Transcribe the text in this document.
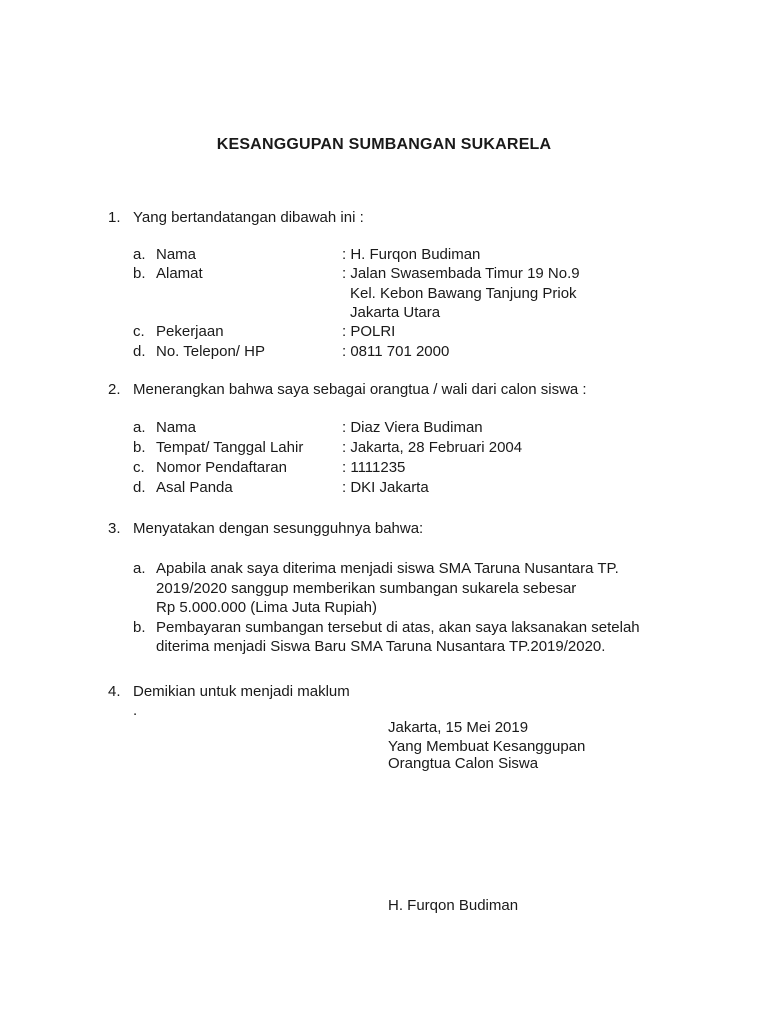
KESANGGUPAN SUMBANGAN SUKARELA
1. Yang bertandatangan dibawah ini :
a. Nama	: H. Furqon Budiman
b. Alamat	: Jalan Swasembada Timur 19 No.9
Kel. Kebon Bawang Tanjung Priok
Jakarta Utara
c. Pekerjaan	: POLRI
d. No. Telepon/ HP	: 0811 701 2000
2. Menerangkan bahwa saya sebagai orangtua / wali dari calon siswa :
a. Nama	: Diaz Viera Budiman
b. Tempat/ Tanggal Lahir	: Jakarta, 28 Februari 2004
c. Nomor Pendaftaran	: 1111235
d. Asal Panda	: DKI Jakarta
3. Menyatakan dengan sesungguhnya bahwa:
a. Apabila anak saya diterima menjadi siswa SMA Taruna Nusantara TP.
2019/2020 sanggup memberikan sumbangan sukarela sebesar
Rp 5.000.000 (Lima Juta Rupiah)
b. Pembayaran sumbangan tersebut di atas, akan saya laksanakan setelah
diterima menjadi Siswa Baru SMA Taruna Nusantara TP.2019/2020.
4. Demikian untuk menjadi maklum
.
Jakarta, 15 Mei 2019
Yang Membuat Kesanggupan
Orangtua Calon Siswa
H. Furqon Budiman
